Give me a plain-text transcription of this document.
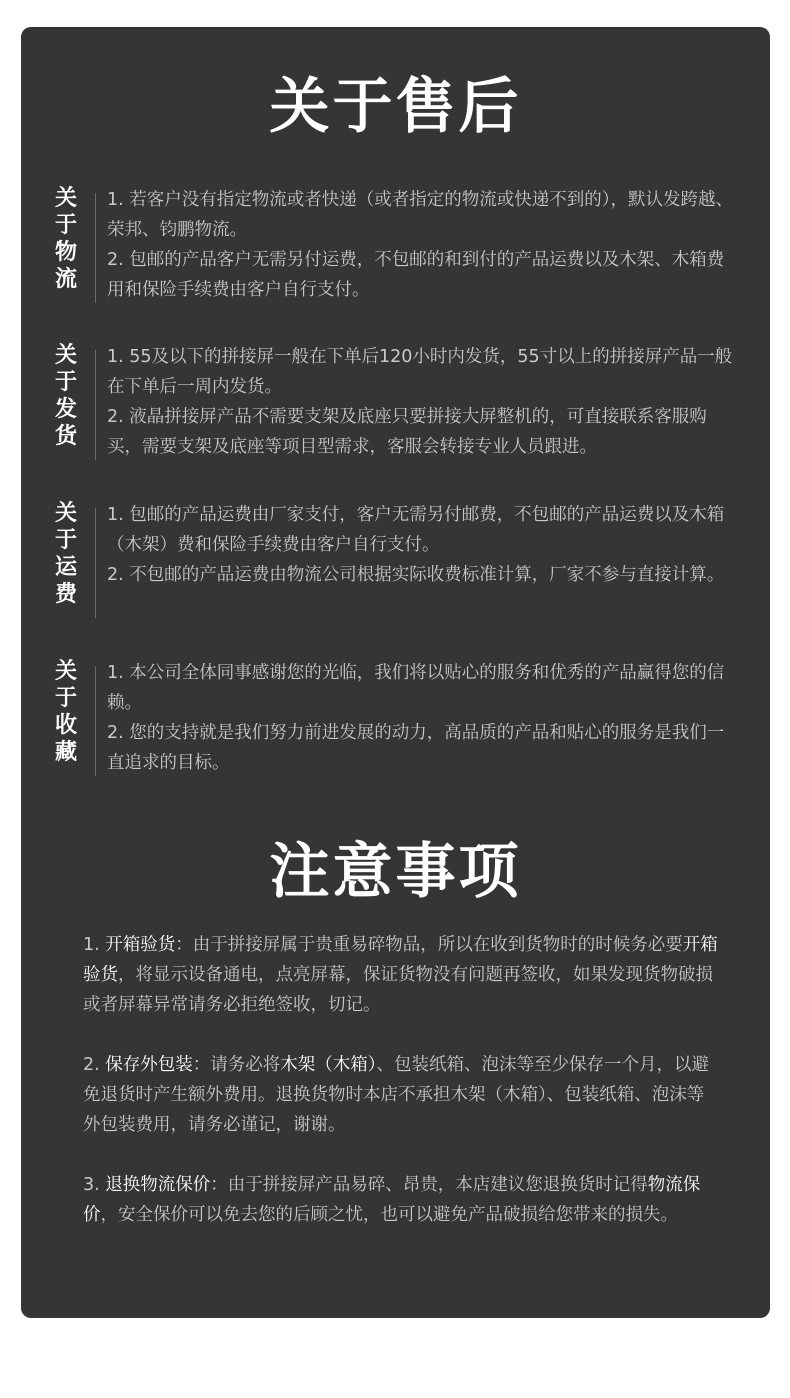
关于售后
关于物流

1. 若客户没有指定物流或者快递（或者指定的物流或快递不到的），默认发跨越、荣邦、钧鹏物流。

2. 包邮的产品客户无需另付运费，不包邮的和到付的产品运费以及木架、木箱费用和保险手续费由客户自行支付。

关于发货

1. 55及以下的拼接屏一般在下单后120小时内发货，55寸以上的拼接屏产品一般在下单后一周内发货。

2. 液晶拼接屏产品不需要支架及底座只要拼接大屏整机的，可直接联系客服购买，需要支架及底座等项目型需求，客服会转接专业人员跟进。

关于运费

1. 包邮的产品运费由厂家支付，客户无需另付邮费，不包邮的产品运费以及木箱（木架）费和保险手续费由客户自行支付。

2. 不包邮的产品运费由物流公司根据实际收费标准计算，厂家不参与直接计算。

关于收藏

1. 本公司全体同事感谢您的光临，我们将以贴心的服务和优秀的产品赢得您的信赖。

2. 您的支持就是我们努力前进发展的动力，高品质的产品和贴心的服务是我们一直追求的目标。

注意事项
1. 开箱验货：由于拼接屏属于贵重易碎物品，所以在收到货物时的时候务必要开箱验货，将显示设备通电，点亮屏幕，保证货物没有问题再签收，如果发现货物破损或者屏幕异常请务必拒绝签收，切记。
2. 保存外包装：请务必将木架（木箱）、包装纸箱、泡沫等至少保存一个月，以避免退货时产生额外费用。退换货物时本店不承担木架（木箱）、包装纸箱、泡沫等外包装费用，请务必谨记，谢谢。
3. 退换物流保价：由于拼接屏产品易碎、昂贵，本店建议您退换货时记得物流保价，安全保价可以免去您的后顾之忧，也可以避免产品破损给您带来的损失。
